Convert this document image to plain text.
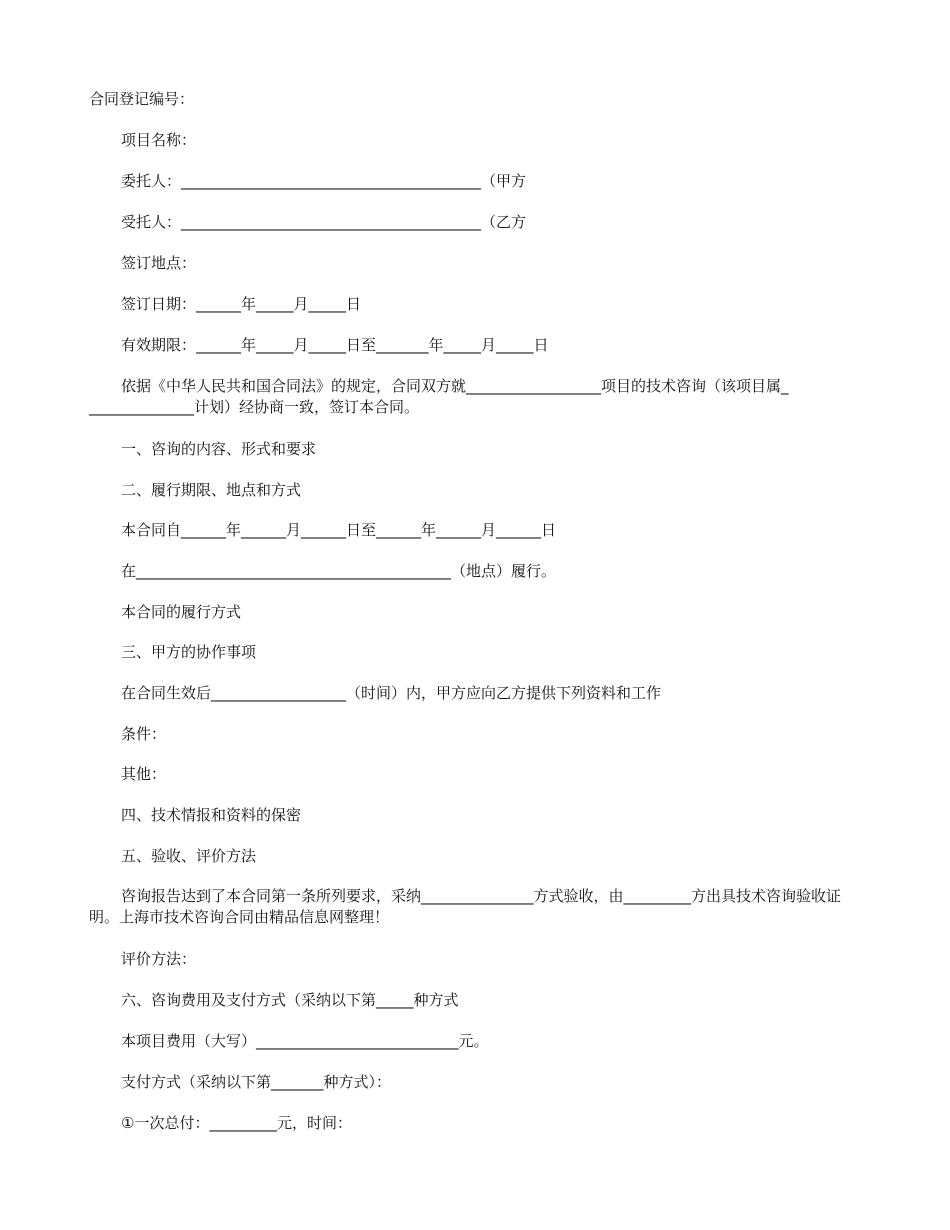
合同登记编号：
项目名称：
委托人：________________________________________（甲方
受托人：________________________________________（乙方
签订地点：
签订日期：______年_____月_____日
有效期限：______年_____月_____日至_______年_____月_____日
依据《中华人民共和国合同法》的规定，合同双方就__________________项目的技术咨询（该项目属_ ______________计划）经协商一致，签订本合同。
一、咨询的内容、形式和要求
二、履行期限、地点和方式
本合同自______年______月______日至______年______月______日
在__________________________________________（地点）履行。
本合同的履行方式
三、甲方的协作事项
在合同生效后__________________（时间）内，甲方应向乙方提供下列资料和工作
条件：
其他：
四、技术情报和资料的保密
五、验收、评价方法
咨询报告达到了本合同第一条所列要求，采纳_______________方式验收，由_________方出具技术咨询验收证明。上海市技术咨询合同由精品信息网整理！
评价方法：
六、咨询费用及支付方式（采纳以下第_____种方式
本项目费用（大写）___________________________元。
支付方式（采纳以下第_______种方式）：
①一次总付：_________元，时间：
